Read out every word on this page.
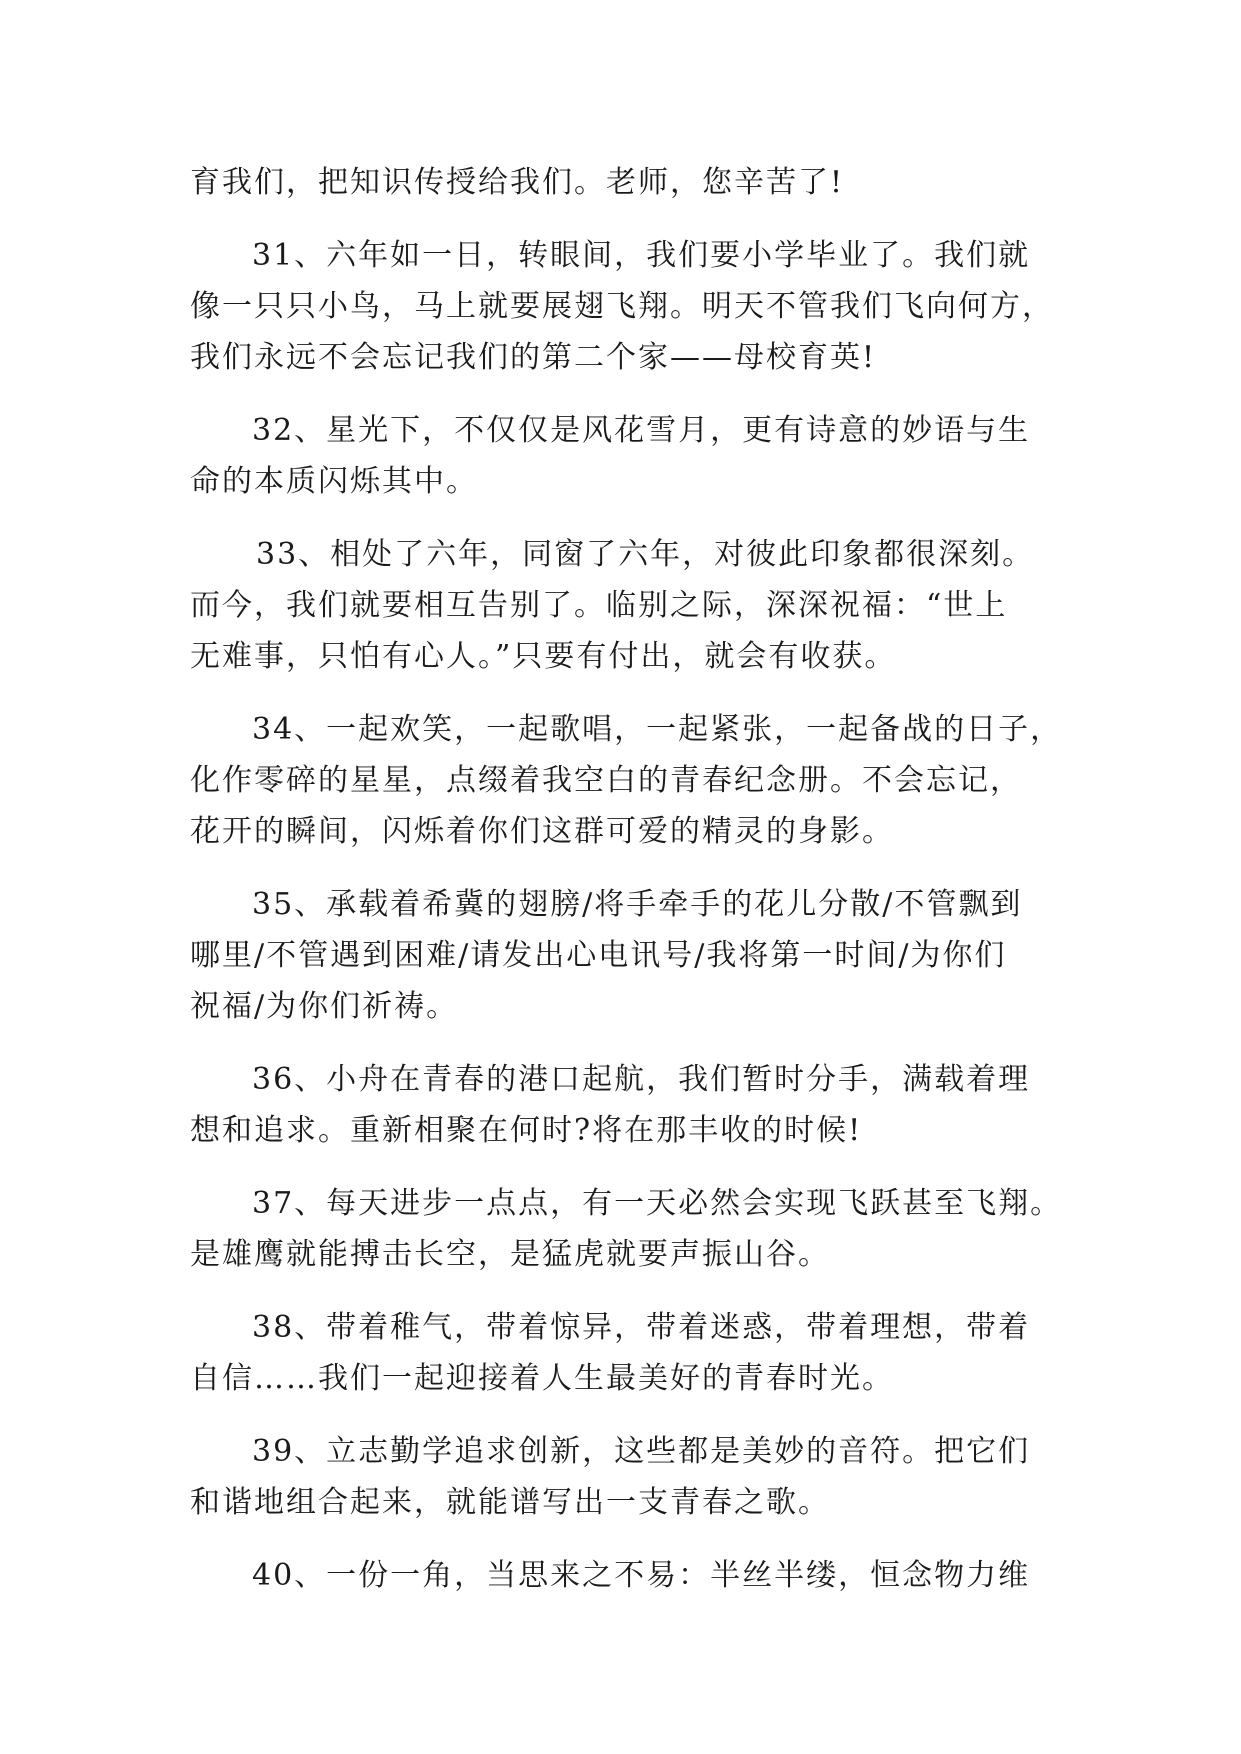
育我们，把知识传授给我们。老师，您辛苦了!
31、六年如一日，转眼间，我们要小学毕业了。我们就
像一只只小鸟，马上就要展翅飞翔。明天不管我们飞向何方，
我们永远不会忘记我们的第二个家——母校育英!
32、星光下，不仅仅是风花雪月，更有诗意的妙语与生
命的本质闪烁其中。
33、相处了六年，同窗了六年，对彼此印象都很深刻。
而今，我们就要相互告别了。临别之际，深深祝福：“世上
无难事，只怕有心人。”只要有付出，就会有收获。
34、一起欢笑，一起歌唱，一起紧张，一起备战的日子，
化作零碎的星星，点缀着我空白的青春纪念册。不会忘记，
花开的瞬间，闪烁着你们这群可爱的精灵的身影。
35、承载着希冀的翅膀/将手牵手的花儿分散/不管飘到
哪里/不管遇到困难/请发出心电讯号/我将第一时间/为你们
祝福/为你们祈祷。
36、小舟在青春的港口起航，我们暂时分手，满载着理
想和追求。重新相聚在何时?将在那丰收的时候!
37、每天进步一点点，有一天必然会实现飞跃甚至飞翔。
是雄鹰就能搏击长空，是猛虎就要声振山谷。
38、带着稚气，带着惊异，带着迷惑，带着理想，带着
自信……我们一起迎接着人生最美好的青春时光。
39、立志勤学追求创新，这些都是美妙的音符。把它们
和谐地组合起来，就能谱写出一支青春之歌。
40、一份一角，当思来之不易：半丝半缕，恒念物力维
